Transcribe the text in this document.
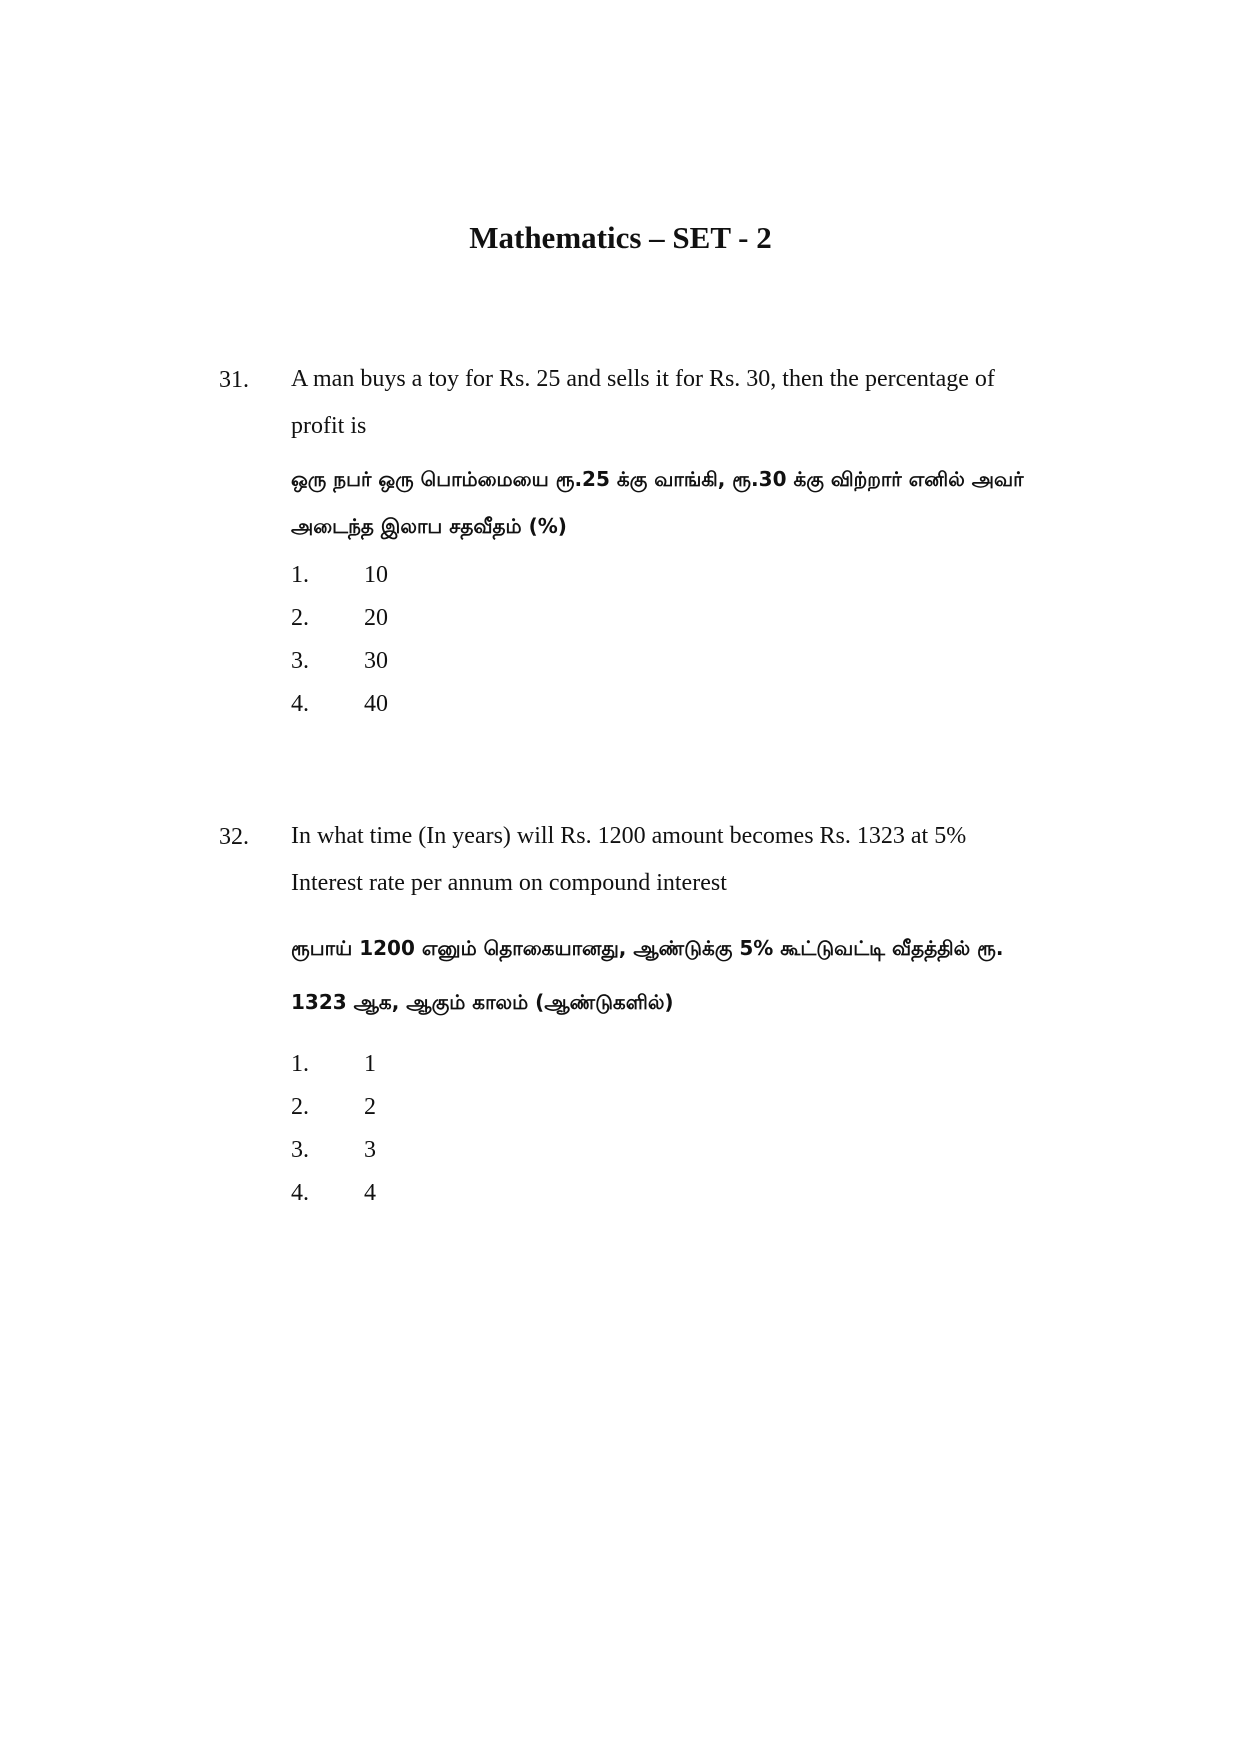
Mathematics – SET - 2
31. A man buys a toy for Rs. 25 and sells it for Rs. 30, then the percentage of profit is

ஒரு நபர் ஒரு பொம்மையை ரூ.25 க்கு வாங்கி, ரூ.30 க்கு விற்றார் எனில் அவர் அடைந்த இலாப சதவீதம் (%)

1. 10
2. 20
3. 30
4. 40
32. In what time (In years) will Rs. 1200 amount becomes Rs. 1323 at 5% Interest rate per annum on compound interest

ரூபாய் 1200 எனும் தொகையானது, ஆண்டுக்கு 5% கூட்டுவட்டி வீதத்தில் ரூ. 1323 ஆக, ஆகும் காலம் (ஆண்டுகளில்)

1. 1
2. 2
3. 3
4. 4
